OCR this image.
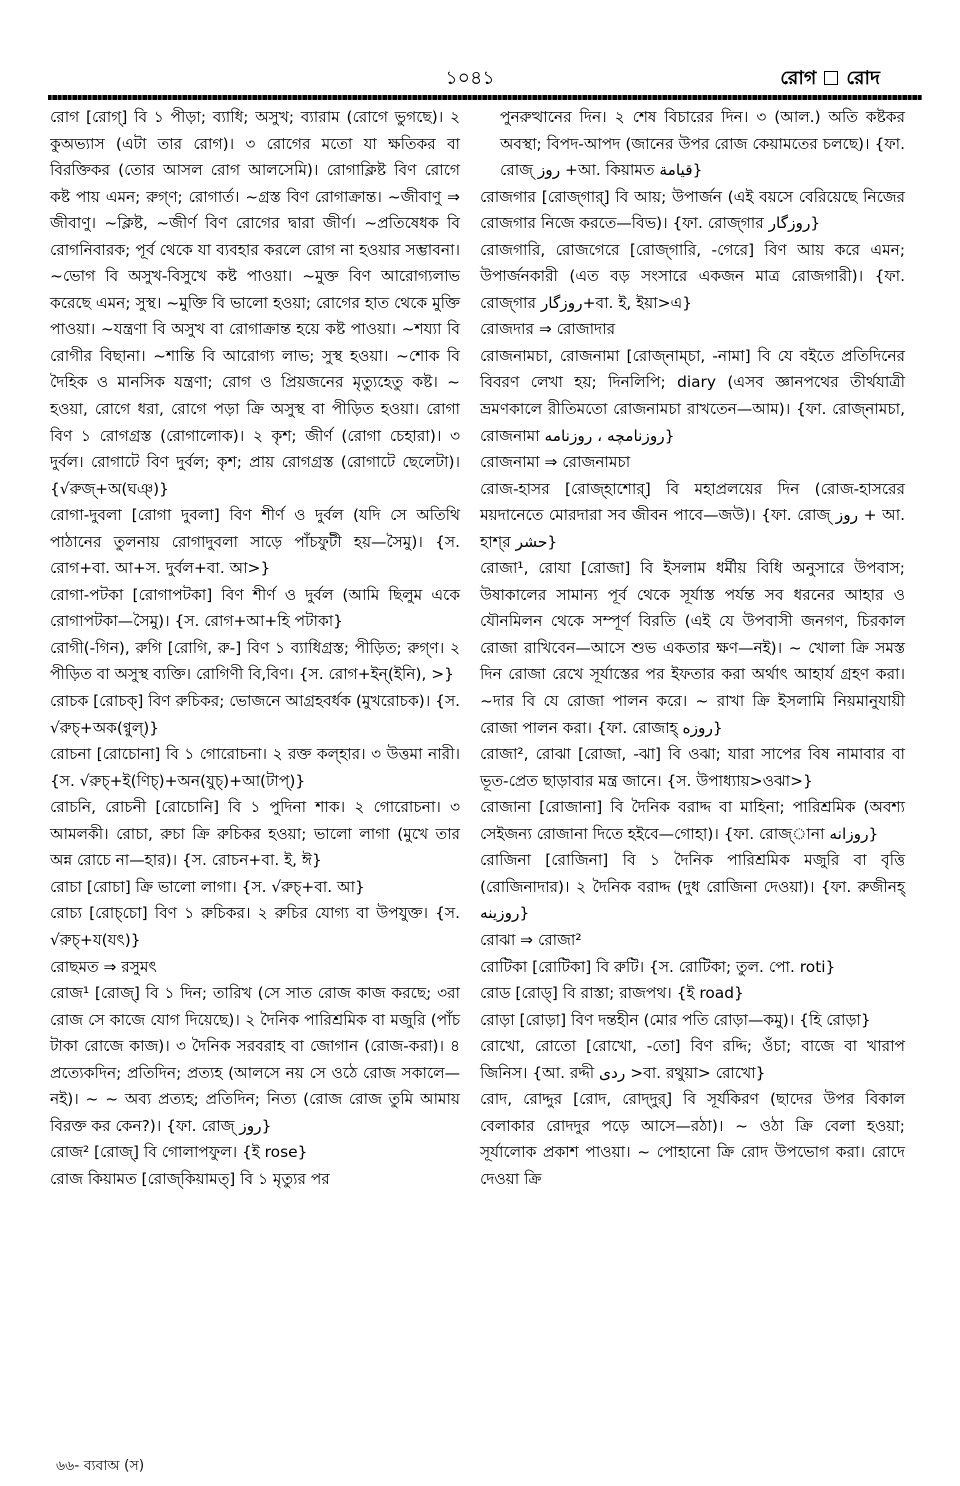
১০৪১	রোগ রোদ

রোগ [রোগ্‌] বি ১ পীড়া; ব্যাধি; অসুখ; ব্যারাম (রোগে ভুগছে)। ২ কুঅভ্যাস (এটা তার রোগ)। ৩ রোগের মতো যা ক্ষতিকর বা বিরক্তিকর (তোর আসল রোগ আলসেমি)। রোগাক্লিষ্ট বিণ রোগে কষ্ট পায় এমন; রুগ্‌ণ; রোগার্ত। ~গ্রস্ত বিণ রোগাক্রান্ত। ~জীবাণু ⇒ জীবাণু। ~ক্লিষ্ট, ~জীর্ণ বিণ রোগের দ্বারা জীর্ণ। ~প্রতিষেধক বি রোগনিবারক; পূর্ব থেকে যা ব্যবহার করলে রোগ না হওয়ার সম্ভাবনা। ~ভোগ বি অসুখ-বিসুখে কষ্ট পাওয়া। ~মুক্ত বিণ আরোগ্যলাভ করেছে এমন; সুস্থ। ~মুক্তি বি ভালো হওয়া; রোগের হাত থেকে মুক্তি পাওয়া। ~যন্ত্রণা বি অসুখ বা রোগাক্রান্ত হয়ে কষ্ট পাওয়া। ~শয্যা বি রোগীর বিছানা। ~শান্তি বি আরোগ্য লাভ; সুস্থ হওয়া। ~শোক বি দৈহিক ও মানসিক যন্ত্রণা; রোগ ও প্রিয়জনের মৃত্যুহেতু কষ্ট। ~ হওয়া, রোগে ধরা, রোগে পড়া ক্রি অসুস্থ বা পীড়িত হওয়া। রোগা বিণ ১ রোগগ্রস্ত (রোগালোক)। ২ কৃশ; জীর্ণ (রোগা চেহারা)। ৩ দুর্বল। রোগাটে বিণ দুর্বল; কৃশ; প্রায় রোগগ্রস্ত (রোগাটে ছেলেটা)। {√রুজ্‌+অ(ঘঞ্‌)}

রোগা-দুবলা [রোগা দুবলা] বিণ শীর্ণ ও দুর্বল (যদি সে অতিথি পাঠানের তুলনায় রোগাদুবলা সাড়ে পাঁচফুটী হয়—সৈমু)। {স. রোগ+বা. আ+স. দুর্বল+বা. আ>}

রোগা-পটকা [রোগাপটকা] বিণ শীর্ণ ও দুর্বল (আমি ছিলুম একে রোগাপটকা—সৈমু)। {স. রোগ+আ+হি পটাকা}

রোগী(-গিন), রুগি [রোগি, রু-] বিণ ১ ব্যাধিগ্রস্ত; পীড়িত; রুগ্‌ণ। ২ পীড়িত বা অসুস্থ ব্যক্তি। রোগিণী বি,বিণ। {স. রোগ+ইন্‌(ইনি), >}

রোচক [রোচক্‌] বিণ রুচিকর; ভোজনে আগ্রহবর্ধক (মুখরোচক)। {স. √রুচ্‌+অক(ণ্বুল্‌)}

রোচনা [রোচোনা] বি ১ গোরোচনা। ২ রক্ত কল্হার। ৩ উত্তমা নারী। {স. √রুচ্‌+ই(ণিচ্‌)+অন(যুচ্‌)+আ(টাপ্‌)}

রোচনি, রোচনী [রোচোনি] বি ১ পুদিনা শাক। ২ গোরোচনা। ৩ আমলকী। রোচা, রুচা ক্রি রুচিকর হওয়া; ভালো লাগা (মুখে তার অন্ন রোচে না—হার)। {স. রোচন+বা. ই, ঈ}

রোচা [রোচা] ক্রি ভালো লাগা। {স. √রুচ্‌+বা. আ}

রোচ্য [রোচ্‌চো] বিণ ১ রুচিকর। ২ রুচির যোগ্য বা উপযুক্ত। {স. √রুচ্‌+য(যৎ)}

রোছমত ⇒ রসুমৎ

রোজ¹ [রোজ্‌] বি ১ দিন; তারিখ (সে সাত রোজ কাজ করছে; ৩রা রোজ সে কাজে যোগ দিয়েছে)। ২ দৈনিক পারিশ্রমিক বা মজুরি (পাঁচ টাকা রোজে কাজ)। ৩ দৈনিক সরবরাহ বা জোগান (রোজ-করা)। ৪ প্রত্যেকদিন; প্রতিদিন; প্রত্যহ (আলসে নয় সে ওঠে রোজ সকালে—নই)। ~ ~ অব্য প্রত্যহ; প্রতিদিন; নিত্য (রোজ রোজ তুমি আমায় বিরক্ত কর কেন?)। {ফা. রোজ্‌ روز}

রোজ² [রোজ্‌] বি গোলাপফুল। {ই rose}

রোজ কিয়ামত [রোজ্‌কিয়ামত্‌] বি ১ মৃত্যুর পর

পুনরুত্থানের দিন। ২ শেষ বিচারের দিন। ৩ (আল.) অতি কষ্টকর অবস্থা; বিপদ-আপদ (জানের উপর রোজ কেয়ামতের চলছে)। {ফা. রোজ্‌ روز +আ. কিয়ামত قيامة}

রোজগার [রোজ্‌গার্‌] বি আয়; উপার্জন (এই বয়সে বেরিয়েছে নিজের রোজগার নিজে করতে—বিভ)। {ফা. রোজ্‌গার روزگار}

রোজগারি, রোজগেরে [রোজ্‌গারি, -গেরে] বিণ আয় করে এমন; উপার্জনকারী (এত বড় সংসারে একজন মাত্র রোজগারী)। {ফা. রোজ্‌গার روزگار+বা. ই, ইয়া>এ}

রোজদার ⇒ রোজাদার

রোজনামচা, রোজনামা [রোজ্‌নাম্‌চা, -নামা] বি যে বইতে প্রতিদিনের বিবরণ লেখা হয়; দিনলিপি; diary (এসব জ্ঞানপথের তীর্থযাত্রী ভ্রমণকালে রীতিমতো রোজনামচা রাখতেন—আম)। {ফা. রোজ্‌নামচা, রোজনামা روزنامچه ، روزنامه}

রোজনামা ⇒ রোজনামচা

রোজ-হাসর [রোজ্‌হাশোর্‌] বি মহাপ্রলয়ের দিন (রোজ-হাসরের ময়দানেতে মোরদারা সব জীবন পাবে—জউ)। {ফা. রোজ্‌ روز + আ. হাশ্‌র حشر}

রোজা¹, রোযা [রোজা] বি ইসলাম ধর্মীয় বিধি অনুসারে উপবাস; উষাকালের সামান্য পূর্ব থেকে সূর্যাস্ত পর্যন্ত সব ধরনের আহার ও যৌনমিলন থেকে সম্পূর্ণ বিরতি (এই যে উপবাসী জনগণ, চিরকাল রোজা রাখিবেন—আসে শুভ একতার ক্ষণ—নই)। ~ খোলা ক্রি সমস্ত দিন রোজা রেখে সূর্যাস্তের পর ইফতার করা অর্থাৎ আহার্য গ্রহণ করা। ~দার বি যে রোজা পালন করে। ~ রাখা ক্রি ইসলামি নিয়মানুযায়ী রোজা পালন করা। {ফা. রোজাহ্‌ روزه}

রোজা², রোঝা [রোজা, -ঝা] বি ওঝা; যারা সাপের বিষ নামাবার বা ভূত-প্রেত ছাড়াবার মন্ত্র জানে। {স. উপাধ্যায়>ওঝা>}

রোজানা [রোজানা] বি দৈনিক বরাদ্দ বা মাহিনা; পারিশ্রমিক (অবশ্য সেইজন্য রোজানা দিতে হইবে—গোহা)। {ফা. রোজ্‌ানা روزانه}

রোজিনা [রোজিনা] বি ১ দৈনিক পারিশ্রমিক মজুরি বা বৃত্তি (রোজিনাদার)। ২ দৈনিক বরাদ্দ (দুধ রোজিনা দেওয়া)। {ফা. রুজীনহ্‌ روزينه}

রোঝা ⇒ রোজা²

রোটিকা [রোটিকা] বি রুটি। {স. রোটিকা; তুল. পো. roti}

রোড [রোড্‌] বি রাস্তা; রাজপথ। {ই road}

রোড়া [রোড়া] বিণ দন্তহীন (মোর পতি রোড়া—কমু)। {হি রোড়া}

রোখো, রোতো [রোখো, -তো] বিণ রদ্দি; ওঁচা; বাজে বা খারাপ জিনিস। {আ. রদ্দী ردی >বা. রথুয়া> রোখো}

রোদ, রোদ্দুর [রোদ, রোদ্‌দুর্‌] বি সূর্যকিরণ (ছাদের উপর বিকাল বেলাকার রোদদুর পড়ে আসে—রঠা)। ~ ওঠা ক্রি বেলা হওয়া; সূর্যালোক প্রকাশ পাওয়া। ~ পোহানো ক্রি রোদ উপভোগ করা। রোদে দেওয়া ক্রি

৬৬- ব্যবাঅ (স)
